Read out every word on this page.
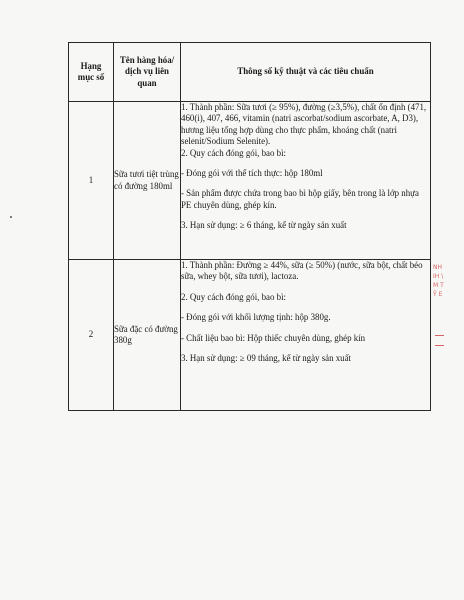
Hạng mục số	Tên hàng hóa/ dịch vụ liên quan	Thông số kỹ thuật và các tiêu chuẩn

1	Sữa tươi tiệt trùng có đường 180ml	1. Thành phần: Sữa tươi (≥ 95%), đường (≥3,5%), chất ổn định (471, 460(i), 407, 466, vitamin (natri ascorbat/sodium ascorbate, A, D3), hương liệu tổng hợp dùng cho thực phẩm, khoáng chất (natri selenit/Sodium Selenite).

2. Quy cách đóng gói, bao bì:

- Đóng gói với thể tích thực: hộp 180ml

- Sản phẩm được chứa trong bao bì hộp giấy, bên trong là lớp nhựa PE chuyên dùng, ghép kín.

3. Hạn sử dụng: ≥ 6 tháng, kể từ ngày sản xuất

2	Sữa đặc có đường 380g	1. Thành phần: Đường ≥ 44%, sữa (≥ 50%) (nước, sữa bột, chất béo sữa, whey bột, sữa tươi), lactoza.

2. Quy cách đóng gói, bao bì:

- Đóng gói với khối lượng tịnh: hộp 380g.

- Chất liệu bao bì: Hộp thiếc chuyên dùng, ghép kín

3. Hạn sử dụng: ≥ 09 tháng, kể từ ngày sản xuất

NH
IH \
M T
Ỹ E
